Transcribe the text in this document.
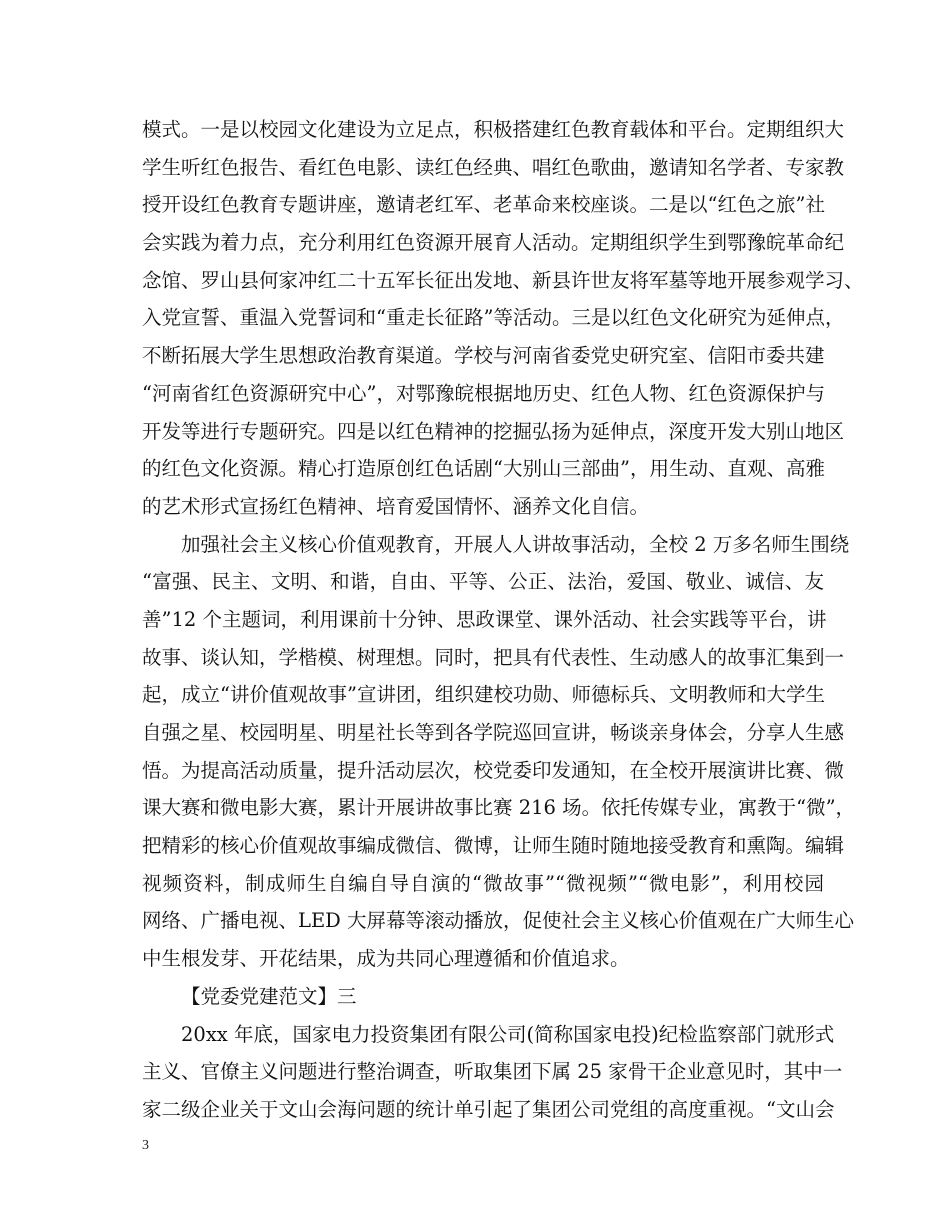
模式。一是以校园文化建设为立足点，积极搭建红色教育载体和平台。定期组织大
学生听红色报告、看红色电影、读红色经典、唱红色歌曲，邀请知名学者、专家教
授开设红色教育专题讲座，邀请老红军、老革命来校座谈。二是以“红色之旅”社
会实践为着力点，充分利用红色资源开展育人活动。定期组织学生到鄂豫皖革命纪
念馆、罗山县何家冲红二十五军长征出发地、新县许世友将军墓等地开展参观学习、
入党宣誓、重温入党誓词和“重走长征路”等活动。三是以红色文化研究为延伸点，
不断拓展大学生思想政治教育渠道。学校与河南省委党史研究室、信阳市委共建
“河南省红色资源研究中心”，对鄂豫皖根据地历史、红色人物、红色资源保护与
开发等进行专题研究。四是以红色精神的挖掘弘扬为延伸点，深度开发大别山地区
的红色文化资源。精心打造原创红色话剧“大别山三部曲”，用生动、直观、高雅
的艺术形式宣扬红色精神、培育爱国情怀、涵养文化自信。
加强社会主义核心价值观教育，开展人人讲故事活动，全校 2 万多名师生围绕
“富强、民主、文明、和谐，自由、平等、公正、法治，爱国、敬业、诚信、友
善”12 个主题词，利用课前十分钟、思政课堂、课外活动、社会实践等平台，讲
故事、谈认知，学楷模、树理想。同时，把具有代表性、生动感人的故事汇集到一
起，成立“讲价值观故事”宣讲团，组织建校功勋、师德标兵、文明教师和大学生
自强之星、校园明星、明星社长等到各学院巡回宣讲，畅谈亲身体会，分享人生感
悟。为提高活动质量，提升活动层次，校党委印发通知，在全校开展演讲比赛、微
课大赛和微电影大赛，累计开展讲故事比赛 216 场。依托传媒专业，寓教于“微”，
把精彩的核心价值观故事编成微信、微博，让师生随时随地接受教育和熏陶。编辑
视频资料，制成师生自编自导自演的“微故事”“微视频”“微电影”，利用校园
网络、广播电视、LED 大屏幕等滚动播放，促使社会主义核心价值观在广大师生心
中生根发芽、开花结果，成为共同心理遵循和价值追求。
【党委党建范文】三
20xx 年底，国家电力投资集团有限公司(简称国家电投)纪检监察部门就形式
主义、官僚主义问题进行整治调查，听取集团下属 25 家骨干企业意见时，其中一
家二级企业关于文山会海问题的统计单引起了集团公司党组的高度重视。“文山会
3
